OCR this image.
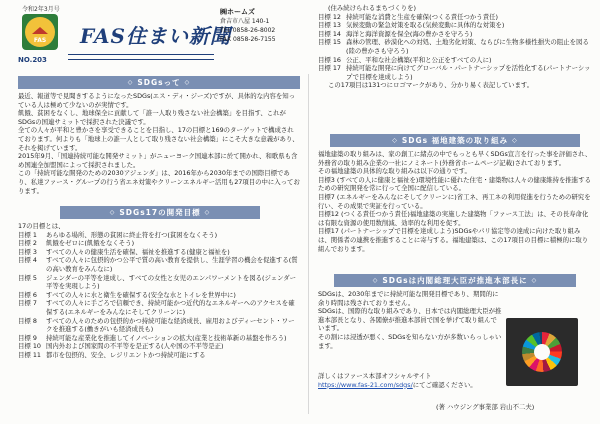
令和2年3月号
FAS
NO.203
FAS住まい新聞
㈱ホームズ
倉吉市八屋 140-1
TEL 0858-26-8002
FAX 0858-26-7155
◇ SDGsって ◇

最近、報道等で見聞きするようになったSDGs(エス・ディ・ジーズ)ですが、具体的な内容を知っている人は極めて少ないのが実情です。

飢餓、貧困をなくし、地球保全に貢献して「誰一人取り残さない社会構築」を目指す、これがSDGsの国連サミットで採択された決議です。

全ての人々が平和と豊かさを享受できることを目指し、17の目標と169のターゲットで構成されております。何よりも「地球上の誰一人として取り残さない社会構築」にこそ大きな意義があり、それを掲げています。

2015年9月、「国連持続可能な開発サミット」がニューヨーク国連本部に於て開かれ、和歌県も含め国連全加盟国によって採択されました。

この「持続可能な開発のための2030アジェンダ」は、2016年から2030年までの国際目標であり、私達ファース・グループの行う省エネ対策やクリーンエネルギー活用も27項目の中に入っております。

◇ SDGs17の開発目標 ◇
17の目標とは、
目標 1	あらゆる場所、形態の貧困に終止符を打つ(貧困をなくそう)
目標 2	飢餓をゼロに(飢餓をなくそう)
目標 3	すべての人々の健康生活を確保、福祉を推進する(健康と福祉を)
目標 4	すべての人々に包摂的かつ公平で質の高い教育を提供し、生涯学習の機会を促進する(質の高い教育をみんなに)
目標 5	ジェンダーの平等を達成し、すべての女性と女児のエンパワーメントを図る(ジェンダー平等を実現しよう)
目標 6	すべての人々に水と衛生を確保する(安全な水とトイレを世界中に)
目標 7	すべての人々に手ごろで信頼でき、持続可能かつ近代的なエネルギーへのアクセスを確保する(エネルギーをみんなにそしてクリーンに)
目標 8	すべての人々のための包摂的かつ持続可能な経済成長、雇用およびディーセント・ワークを推進する(働きがいも経済成長も)
目標 9	持続可能な産業化を推進してイノベーションの拡大(産業と技術革新の基盤を作ろう)
目標 10 国内外および国家間の不平等を是正する(人や国の不平等是正)
目標 11 都市を包摂的、安全、レジリエントかつ持続可能にする
(住み続けられるまちづくりを)
目標 12 持続可能な消費と生産を確保(つくる責任つかう責任)
目標 13 気候変動の緊急対策を取る(気候変動に具体的な対策を)
目標 14 海洋と海洋資源を保全(海の豊かさを守ろう)
目標 15 森林の管理、砂漠化への対処、土地劣化対策、ならびに生物多様性損失の阻止を図る(陸の豊かさも守ろう)
目標 16 公正、平和な社会構築(平和と公正をすべての人に)
目標 17 持続可能な開発に向けてグローバル・パートナーシップを活性化する(パートナーシップで目標を達成しよう)
この17項目は131つにロゴマークがあり、分かり易く表記しています。
◇ SDGs 福地建築の取り組み ◇

福地建築の取り組みは、家の創工に緒点の中でもっとも早くSDGs宣言を行った事を評価され、外務省の取り組み企業の一社にノミネート(外務省ホームページ記載)されております。

その福地建築の具体的な取り組みは以下の通りです。

目標3 (すべての人に健康と福祉を)環境性能に優れた住宅・建築物は人々の健康維持を推進するための研究開発を常に行って全国に配信している。

目標7 (エネルギーをみんなにそしてクリーンに)省工ネ、再工ネの利用促進を行うための研究を行い、その成果で実証を行っている。

目標12 (つくる責任つかう責任)福地建築の実施した建築物「ファース工法」は、その長寿命化は有限な資源の使用数削減、効率的な利用を促す。

目標17 (パートナーシップで目標を達成しよう)SDGsやパリ協定等の達成に向けた取り組みは、関係者の連携を推進することに寄与する。福地建築は、この17項目の目標に積極的に取り組んでおります。

◇ SDGsは内閣総理大臣が推進本部長に ◇

SDGsは、2030年までに持続可能な開発目標であり、期間的に余り時間は残されておりません。

SDGsは、国際的な取り組みであり、日本では内閣総理大臣が推進本部長となり、各閣僚が推進本部員で国を挙げて取り組んでいます。

その割には浸透が悪く、SDGsを知らない方が多数いらっしゃいます。

詳しくはファース本部オフシャルサイト

https://www.fas-21.com/sdgs/にてご確認ください。

(著 ハウジング事業部 岩山不二夫)
